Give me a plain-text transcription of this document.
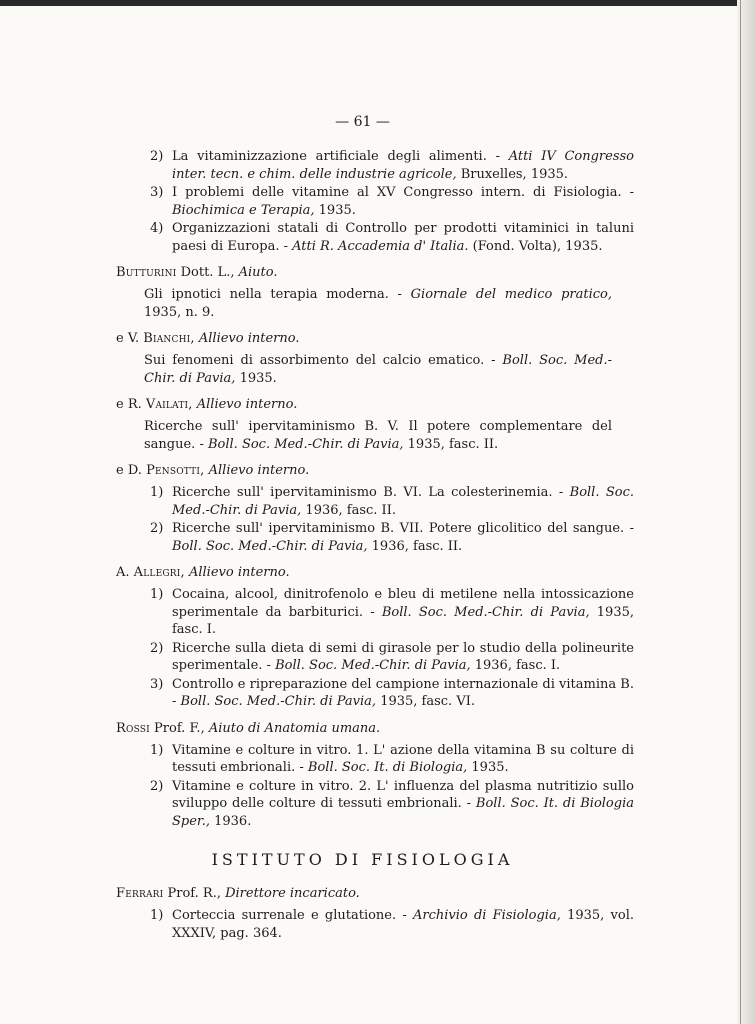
— 61 —
2) La vitaminizzazione artificiale degli alimenti. - Atti IV Congresso inter. tecn. e chim. delle industrie agricole, Bruxelles, 1935.
3) I problemi delle vitamine al XV Congresso intern. di Fisiologia. - Biochimica e Terapia, 1935.
4) Organizzazioni statali di Controllo per prodotti vitaminici in taluni paesi di Europa. - Atti R. Accademia d' Italia. (Fond. Volta), 1935.
Butturini Dott. L., Aiuto.
Gli ipnotici nella terapia moderna. - Giornale del medico pratico, 1935, n. 9.
e V. Bianchi, Allievo interno.
Sui fenomeni di assorbimento del calcio ematico. - Boll. Soc. Med.-Chir. di Pavia, 1935.
e R. Vailati, Allievo interno.
Ricerche sull' ipervitaminismo B. V. Il potere complementare del sangue. - Boll. Soc. Med.-Chir. di Pavia, 1935, fasc. II.
e D. Pensotti, Allievo interno.
1) Ricerche sull' ipervitaminismo B. VI. La colesterinemia. - Boll. Soc. Med.-Chir. di Pavia, 1936, fasc. II.
2) Ricerche sull' ipervitaminismo B. VII. Potere glicolitico del sangue. - Boll. Soc. Med.-Chir. di Pavia, 1936, fasc. II.
A. Allegri, Allievo interno.
1) Cocaina, alcool, dinitrofenolo e bleu di metilene nella intossicazione sperimentale da barbiturici. - Boll. Soc. Med.-Chir. di Pavia, 1935, fasc. I.
2) Ricerche sulla dieta di semi di girasole per lo studio della polineurite sperimentale. - Boll. Soc. Med.-Chir. di Pavia, 1936, fasc. I.
3) Controllo e ripreparazione del campione internazionale di vitamina B. - Boll. Soc. Med.-Chir. di Pavia, 1935, fasc. VI.
Rossi Prof. F., Aiuto di Anatomia umana.
1) Vitamine e colture in vitro. 1. L' azione della vitamina B su colture di tessuti embrionali. - Boll. Soc. It. di Biologia, 1935.
2) Vitamine e colture in vitro. 2. L' influenza del plasma nutritizio sullo sviluppo delle colture di tessuti embrionali. - Boll. Soc. It. di Biologia Sper., 1936.
ISTITUTO DI FISIOLOGIA
Ferrari Prof. R., Direttore incaricato.
1) Corteccia surrenale e glutatione. - Archivio di Fisiologia, 1935, vol. XXXIV, pag. 364.
